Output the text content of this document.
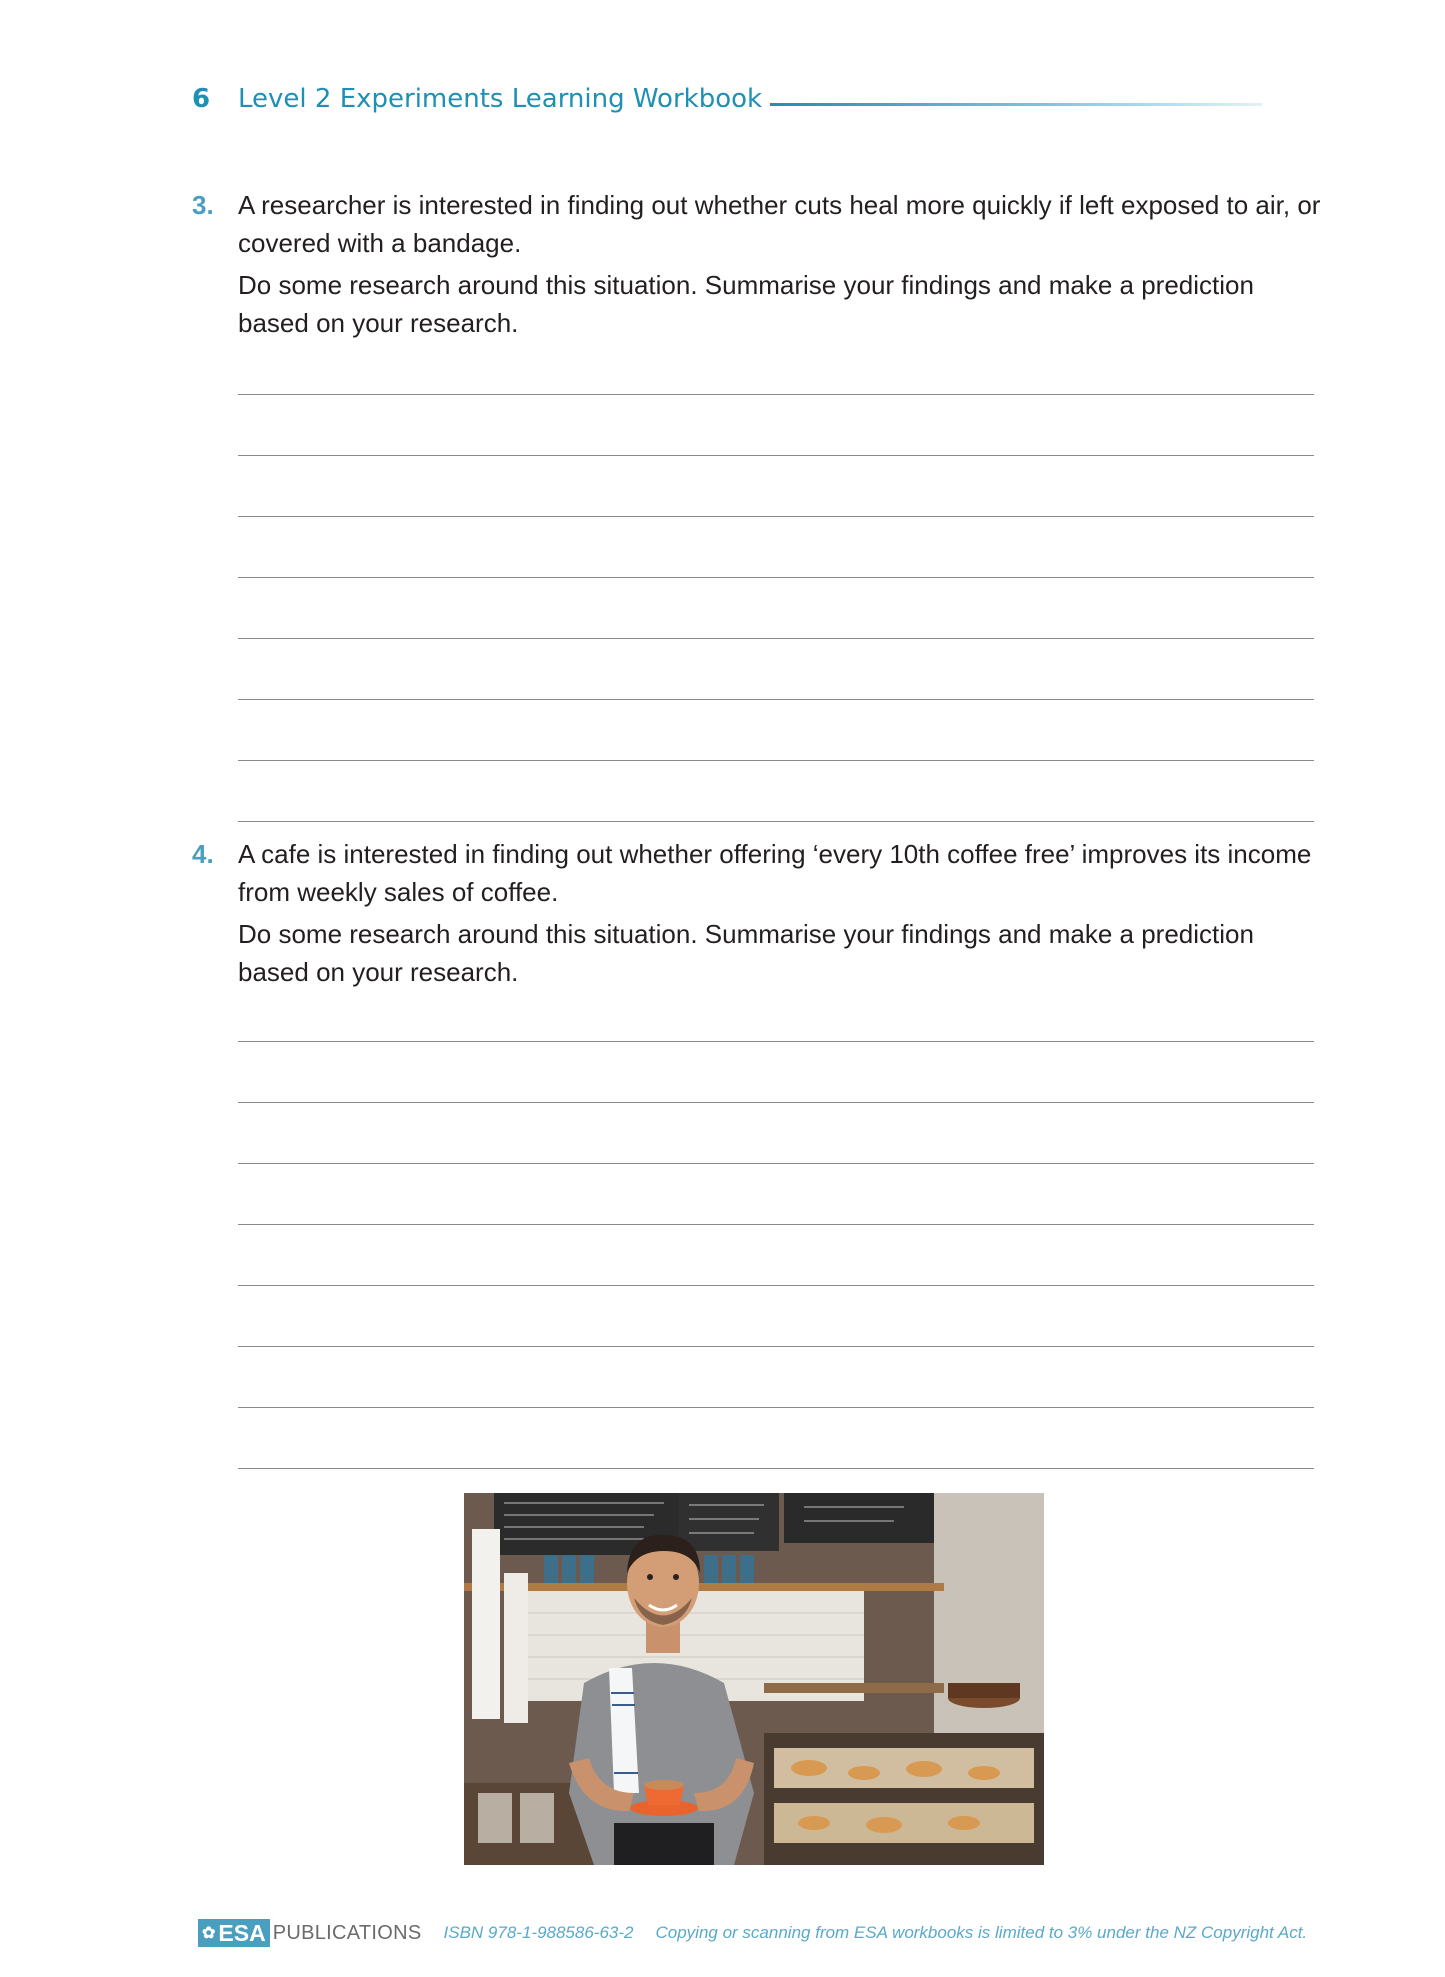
6	Level 2 Experiments Learning Workbook
3. A researcher is interested in finding out whether cuts heal more quickly if left exposed to air, or covered with a bandage.

Do some research around this situation. Summarise your findings and make a prediction based on your research.

4. A cafe is interested in finding out whether offering ‘every 10th coffee free’ improves its income from weekly sales of coffee.

Do some research around this situation. Summarise your findings and make a prediction based on your research.

✿ ESA PUBLICATIONS ISBN 978-1-988586-63-2 Copying or scanning from ESA workbooks is limited to 3% under the NZ Copyright Act.
